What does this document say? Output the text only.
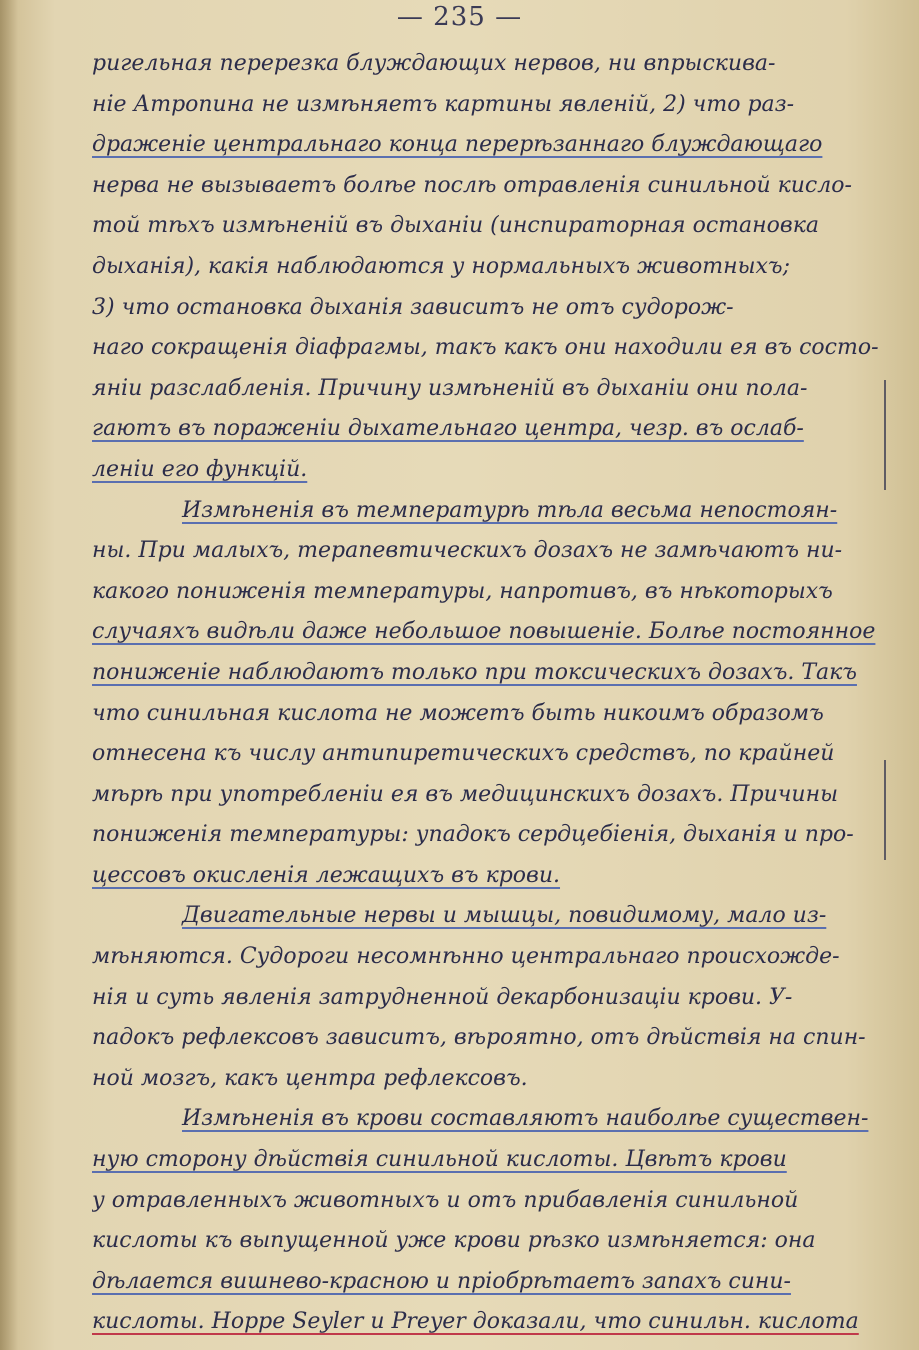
— 235 —
ригельная перерезка блуждающих нервов, ни впрыскива-
ніе Атропина не измѣняетъ картины явленій, 2) что раз-
драженіе центральнаго конца перерѣзаннаго блуждающаго
нерва не вызываетъ болѣе послѣ отравленія синильной кисло-
той тѣхъ измѣненій въ дыханіи (инспираторная остановка
дыханія), какія наблюдаются у нормальныхъ животныхъ;
3) что остановка дыханія зависитъ не отъ судорож-
наго сокращенія діафрагмы, такъ какъ они находили ея въ состо-
яніи разслабленія. Причину измѣненій въ дыханіи они пола-
гаютъ въ пораженіи дыхательнаго центра, чезр. въ ослаб-
леніи его функцій.
Измѣненія въ температурѣ тѣла весьма непостоян-
ны. При малыхъ, терапевтическихъ дозахъ не замѣчаютъ ни-
какого пониженія температуры, напротивъ, въ нѣкоторыхъ
случаяхъ видѣли даже небольшое повышеніе. Болѣе постоянное
пониженіе наблюдаютъ только при токсическихъ дозахъ. Такъ
что синильная кислота не можетъ быть никоимъ образомъ
отнесена къ числу антипиретическихъ средствъ, по крайней
мѣрѣ при употребленіи ея въ медицинскихъ дозахъ. Причины
пониженія температуры: упадокъ сердцебіенія, дыханія и про-
цессовъ окисленія лежащихъ въ крови.
Двигательные нервы и мышцы, повидимому, мало из-
мѣняются. Судороги несомнѣнно центральнаго происхожде-
нія и суть явленія затрудненной декарбонизаціи крови. У-
падокъ рефлексовъ зависитъ, вѣроятно, отъ дѣйствія на спин-
ной мозгъ, какъ центра рефлексовъ.
Измѣненія въ крови составляютъ наиболѣе существен-
ную сторону дѣйствія синильной кислоты. Цвѣтъ крови
у отравленныхъ животныхъ и отъ прибавленія синильной
кислоты къ выпущенной уже крови рѣзко измѣняется: она
дѣлается вишнево-красною и пріобрѣтаетъ запахъ сини-
кислоты. Hoppe Seyler и Preyer доказали, что синильн. кислота
